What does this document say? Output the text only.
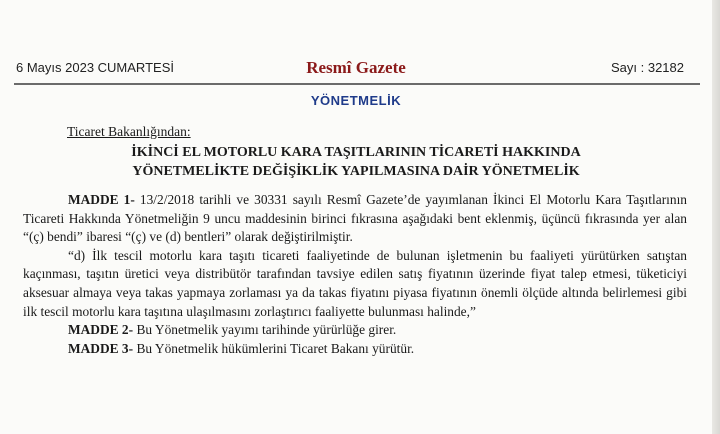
6 Mayıs 2023 CUMARTESİ	Resmî Gazete	Sayı : 32182
YÖNETMELİK
Ticaret Bakanlığından:
İKİNCİ EL MOTORLU KARA TAŞITLARININ TİCARETİ HAKKINDA
YÖNETMELİKTE DEĞİŞİKLİK YAPILMASINA DAİR YÖNETMELİK

MADDE 1- 13/2/2018 tarihli ve 30331 sayılı Resmî Gazete’de yayımlanan İkinci El Motorlu Kara Taşıtlarının Ticareti Hakkında Yönetmeliğin 9 uncu maddesinin birinci fıkrasına aşağıdaki bent eklenmiş, üçüncü fıkrasında yer alan “(ç) bendi” ibaresi “(ç) ve (d) bentleri” olarak değiştirilmiştir.

“d) İlk tescil motorlu kara taşıtı ticareti faaliyetinde de bulunan işletmenin bu faaliyeti yürütürken satıştan kaçınması, taşıtın üretici veya distribütör tarafından tavsiye edilen satış fiyatının üzerinde fiyat talep etmesi, tüketiciyi aksesuar almaya veya takas yapmaya zorlaması ya da takas fiyatını piyasa fiyatının önemli ölçüde altında belirlemesi gibi ilk tescil motorlu kara taşıtına ulaşılmasını zorlaştırıcı faaliyette bulunması halinde,”

MADDE 2- Bu Yönetmelik yayımı tarihinde yürürlüğe girer.

MADDE 3- Bu Yönetmelik hükümlerini Ticaret Bakanı yürütür.
